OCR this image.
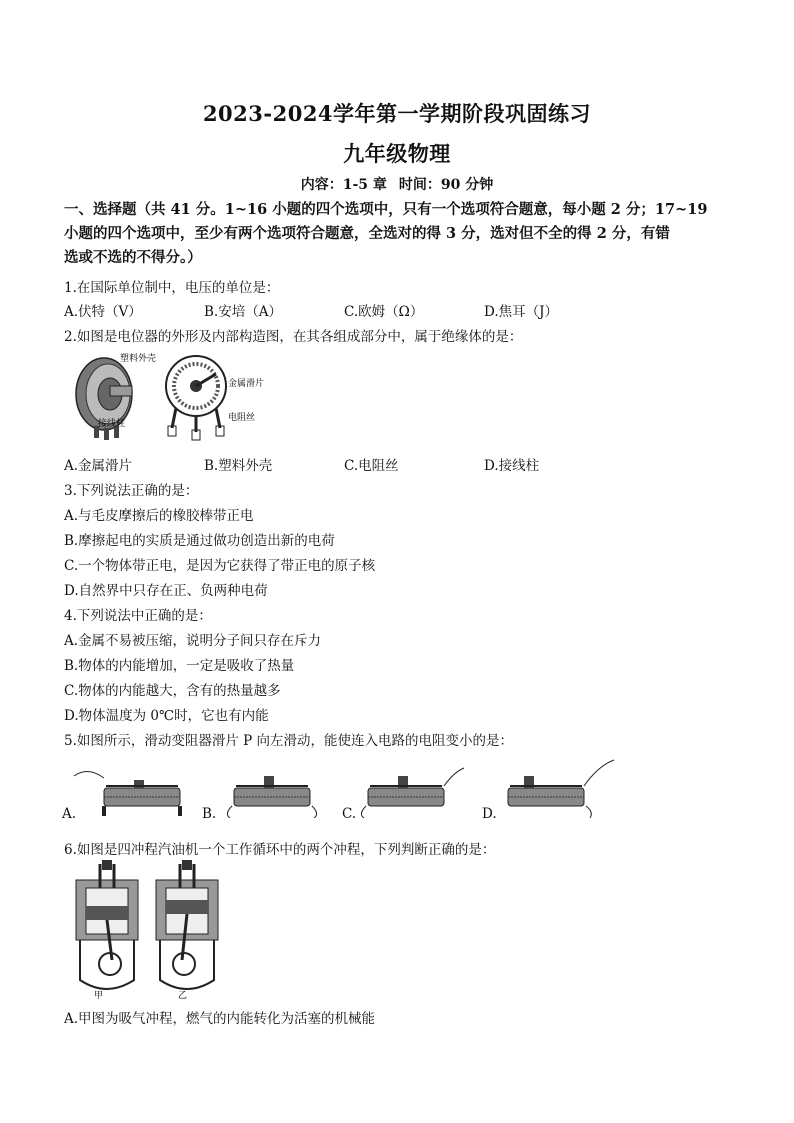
2023-2024学年第一学期阶段巩固练习
九年级物理
内容：1-5 章 时间：90 分钟
一、选择题（共 41 分。1~16 小题的四个选项中，只有一个选项符合题意，每小题 2 分；17~19
小题的四个选项中，至少有两个选项符合题意，全选对的得 3 分，选对但不全的得 2 分，有错
选或不选的不得分。）
1.在国际单位制中，电压的单位是：
A.伏特（V）	B.安培（A）	C.欧姆（Ω）	D.焦耳（J）
2.如图是电位器的外形及内部构造图，在其各组成部分中，属于绝缘体的是：
塑料外壳
接线柱
金属滑片
电阻丝
A.金属滑片	B.塑料外壳	C.电阻丝	D.接线柱
3.下列说法正确的是：
A.与毛皮摩擦后的橡胶棒带正电
B.摩擦起电的实质是通过做功创造出新的电荷
C.一个物体带正电，是因为它获得了带正电的原子核
D.自然界中只存在正、负两种电荷
4.下列说法中正确的是：
A.金属不易被压缩，说明分子间只存在斥力
B.物体的内能增加，一定是吸收了热量
C.物体的内能越大，含有的热量越多
D.物体温度为 0℃时，它也有内能
5.如图所示，滑动变阻器滑片 P 向左滑动，能使连入电路的电阻变小的是：
A.	B.	C.	D.
6.如图是四冲程汽油机一个工作循环中的两个冲程，下列判断正确的是：
甲	乙
A.甲图为吸气冲程，燃气的内能转化为活塞的机械能
